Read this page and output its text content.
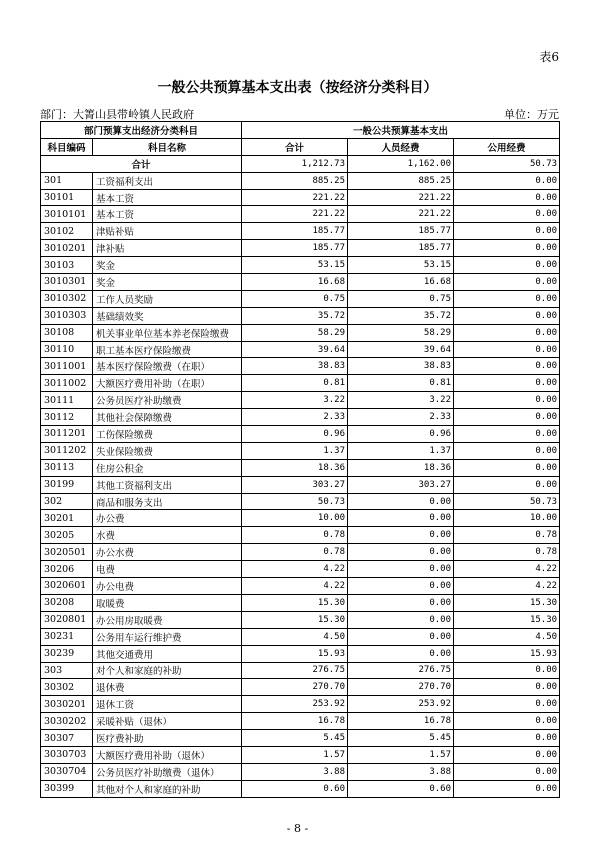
表6
一般公共预算基本支出表（按经济分类科目）
部门：大箐山县带岭镇人民政府	单位：万元
部门预算支出经济分类科目		一般公共预算基本支出		
科目编码	科目名称	合计	人员经费	公用经费
合计		1,212.73	1,162.00	50.73
301	工资福利支出	885.25	885.25	0.00
30101	基本工资	221.22	221.22	0.00
3010101	基本工资	221.22	221.22	0.00
30102	津贴补贴	185.77	185.77	0.00
3010201	津补贴	185.77	185.77	0.00
30103	奖金	53.15	53.15	0.00
3010301	奖金	16.68	16.68	0.00
3010302	工作人员奖励	0.75	0.75	0.00
3010303	基础绩效奖	35.72	35.72	0.00
30108	机关事业单位基本养老保险缴费	58.29	58.29	0.00
30110	职工基本医疗保险缴费	39.64	39.64	0.00
3011001	基本医疗保险缴费（在职）	38.83	38.83	0.00
3011002	大额医疗费用补助（在职）	0.81	0.81	0.00
30111	公务员医疗补助缴费	3.22	3.22	0.00
30112	其他社会保障缴费	2.33	2.33	0.00
3011201	工伤保险缴费	0.96	0.96	0.00
3011202	失业保险缴费	1.37	1.37	0.00
30113	住房公积金	18.36	18.36	0.00
30199	其他工资福利支出	303.27	303.27	0.00
302	商品和服务支出	50.73	0.00	50.73
30201	办公费	10.00	0.00	10.00
30205	水费	0.78	0.00	0.78
3020501	办公水费	0.78	0.00	0.78
30206	电费	4.22	0.00	4.22
3020601	办公电费	4.22	0.00	4.22
30208	取暖费	15.30	0.00	15.30
3020801	办公用房取暖费	15.30	0.00	15.30
30231	公务用车运行维护费	4.50	0.00	4.50
30239	其他交通费用	15.93	0.00	15.93
303	对个人和家庭的补助	276.75	276.75	0.00
30302	退休费	270.70	270.70	0.00
3030201	退休工资	253.92	253.92	0.00
3030202	采暖补贴（退休）	16.78	16.78	0.00
30307	医疗费补助	5.45	5.45	0.00
3030703	大额医疗费用补助（退休）	1.57	1.57	0.00
3030704	公务员医疗补助缴费（退休）	3.88	3.88	0.00
30399	其他对个人和家庭的补助	0.60	0.60	0.00
- 8 -
